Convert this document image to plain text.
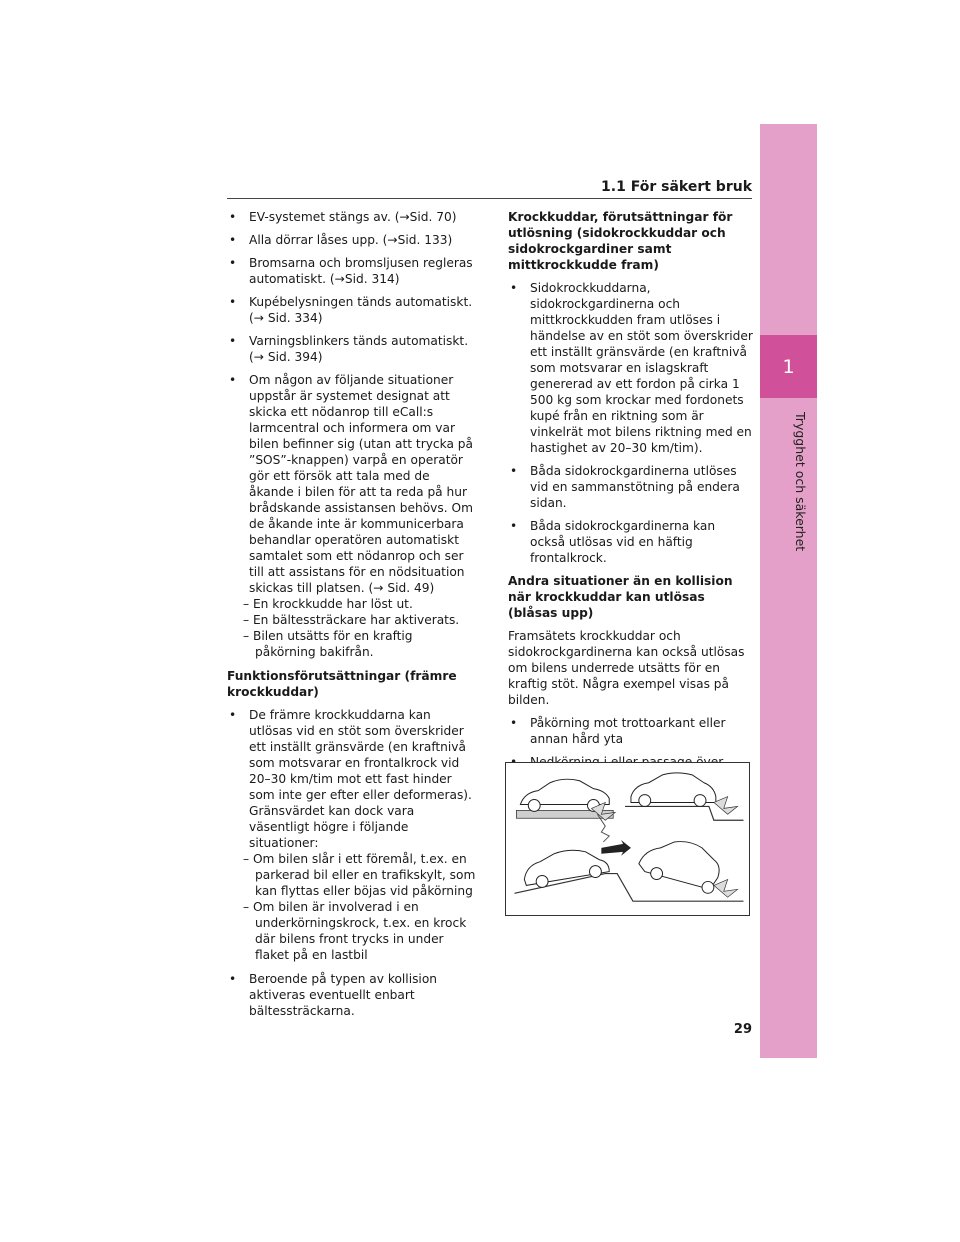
1.1 För säkert bruk
1
Trygghet och säkerhet
• EV-systemet stängs av. (→Sid. 70)
• Alla dörrar låses upp. (→Sid. 133)
• Bromsarna och bromsljusen regleras automatiskt. (→Sid. 314)
• Kupébelysningen tänds automatiskt. (→ Sid. 334)
• Varningsblinkers tänds automatiskt. (→ Sid. 394)
• Om någon av följande situationer uppstår är systemet designat att skicka ett nödanrop till eCall:s larmcentral och informera om var bilen befinner sig (utan att trycka på ”SOS”-knappen) varpå en operatör gör ett försök att tala med de åkande i bilen för att ta reda på hur brådskande assistansen behövs. Om de åkande inte är kommunicerbara behandlar operatören automatiskt samtalet som ett nödanrop och ser till att assistans för en nödsituation skickas till platsen. (→ Sid. 49)
– En krockkudde har löst ut.
– En bältessträckare har aktiverats.
– Bilen utsätts för en kraftig påkörning bakifrån.
Funktionsförutsättningar (främre krockkuddar)
• De främre krockkuddarna kan utlösas vid en stöt som överskrider ett inställt gränsvärde (en kraftnivå som motsvarar en frontalkrock vid 20–30 km/tim mot ett fast hinder som inte ger efter eller deformeras). Gränsvärdet kan dock vara väsentligt högre i följande situationer:
– Om bilen slår i ett föremål, t.ex. en parkerad bil eller en trafikskylt, som kan flyttas eller böjas vid påkörning
– Om bilen är involverad i en underkörningskrock, t.ex. en krock där bilens front trycks in under flaket på en lastbil
• Beroende på typen av kollision aktiveras eventuellt enbart bältessträckarna.
Krockkuddar, förutsättningar för utlösning (sidokrockkuddar och sidokrockgardiner samt mittkrockkudde fram)
• Sidokrockkuddarna, sidokrockgardinerna och mittkrockkudden fram utlöses i händelse av en stöt som överskrider ett inställt gränsvärde (en kraftnivå som motsvarar en islagskraft genererad av ett fordon på cirka 1 500 kg som krockar med fordonets kupé från en riktning som är vinkelrät mot bilens riktning med en hastighet av 20–30 km/tim).
• Båda sidokrockgardinerna utlöses vid en sammanstötning på endera sidan.
• Båda sidokrockgardinerna kan också utlösas vid en häftig frontalkrock.
Andra situationer än en kollision när krockkuddar kan utlösas (blåsas upp)

Framsätets krockkuddar och sidokrockgardinerna kan också utlösas om bilens underrede utsätts för en kraftig stöt. Några exempel visas på bilden.

• Påkörning mot trottoarkant eller annan hård yta
•
•
29
